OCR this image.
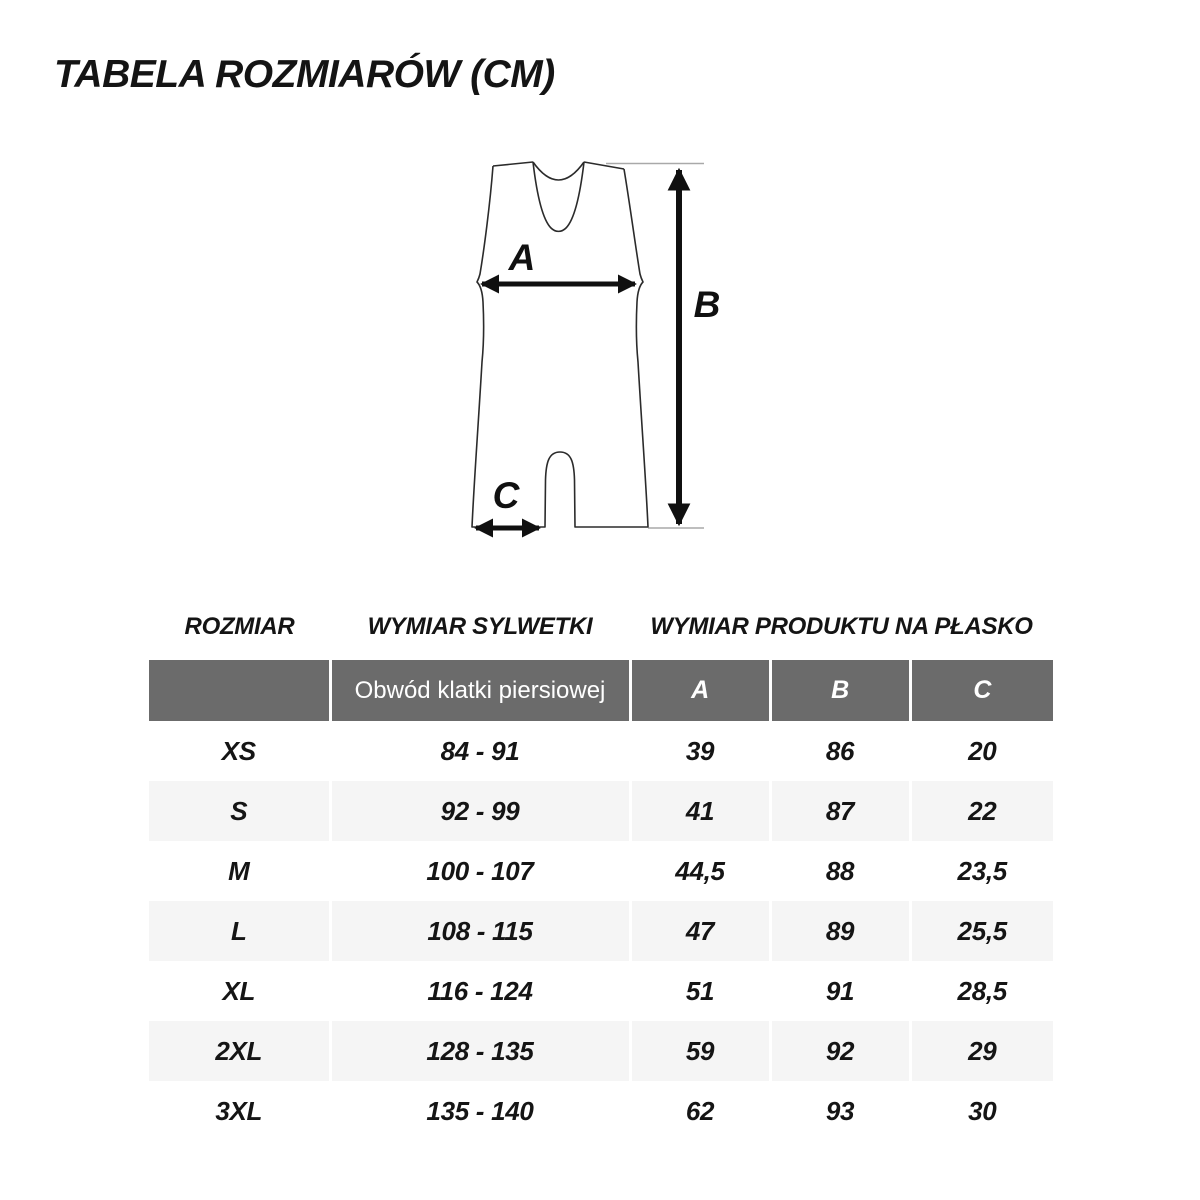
TABELA ROZMIARÓW (CM)
A
B
C
ROZMIAR	WYMIAR SYLWETKI	WYMIAR PRODUKTU NA PŁASKO
	Obwód klatki piersiowej	A	B	C
XS	84 - 91	39	86	20
S	92 - 99	41	87	22
M	100 - 107	44,5	88	23,5
L	108 - 115	47	89	25,5
XL	116 - 124	51	91	28,5
2XL	128 - 135	59	92	29
3XL	135 - 140	62	93	30
